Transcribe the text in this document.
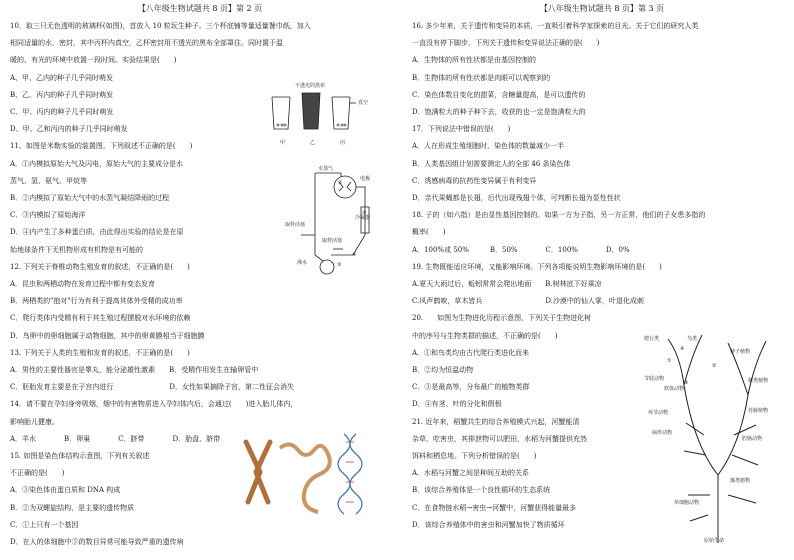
【八年级生物试题共 8 页】第 2 页
10．取三只无色透明的玻璃杯(如图)，首放入 10 粒玩生种子。三个杯底铺等量适量餐巾纸，加入
相同适量的水，密封，其中丙杯内真空，乙杯密封用不透光的黑布全部罩住。同时置于温
暖的、有光的环境中放置一段时间。实验结果是(　　)
A、甲、乙内的种子几乎同时萌发
B、乙、丙内的种子几乎同时萌发
C、甲、丙内的种子几乎同时萌发
D、甲、乙和丙内的种子几乎同时萌发
11、如图是米勒实验的装置图，下列叙述不正确的是(　　)
A．①内模拟原始大气及闪电，原始大气的主要成分是水
蒸气、氢、氨气、甲烷等
B．②内模拟了原始大气中的水蒸气凝结降雨的过程
C．③内模拟了原始海洋
D．④内产生了多种蛋白质，由此得出实验的结论是在原
始地球条件下无机物形成有机物是有可能的
12. 下列关于脊椎动物生殖发育的叙述，不正确的是(　　)
A．昆虫和两栖动物在发育过程中都有变态发育
B．两栖类的"抱对"行为有利于提高其体外受精的成功率
C．爬行类体内受精有利于其生殖过程摆脱对水环境的依赖
D．鸟卵中的卵细胞属于动物细胞，其中的卵黄膜相当于细胞膜
13. 下列关于人类的生殖和发育的叙述，不正确的是(　　)
A．男性的主要性器官是睾丸，能分泌雄性激素　　B．受精作用发生在输卵管中
C．胚胎发育主要是在子宫内进行　　　　　　　　D．女性如果摘除子宫，第二性征会消失
14．请不要在孕妇身旁吸烟，烟中的有害物质进入孕妇体内后，会通过(　　)进入胎儿体内，
影响胎儿健康。
A．羊水　　　　B．卵巢　　　　C．脐带　　　　D．胎盘、脐带
15. 如图是染色体结构示意图，下列有关叙述
不正确的是(　　)
A．③染色体由蛋白质和 DNA 构成
B．②为双螺旋结构，是主要的遗传物质
C．①上只有一个基因
D．在人的体细胞中③的数目异常可能导致严重的遗传病
不透光的黑布
真空
甲	乙	丙
水蒸气
电极
冷凝器
取样活塞
取样活塞
沸水
①
②
③
④
【八年级生物试题共 8 页】第 3 页
16. 多少年来，关于遗传和变异的本质，一直吸引着科学家探索的目光。关于它们的研究人类
一直没有停下脚步，下列关于遗传和变异说法正确的是(　　)
A．生物体的所有性状都是由基因控制的
B．生物体的所有性状都是肉眼可以观察到的
C．染色体数目变化的甜菜，含糖量提高，是可以遗传的
D．饱满粒大的种子种下去，收获的也一定是饱满粒大的
17．下列说法中错误的是(　　)
A．人在形成生殖细胞时，染色体的数量减少一半
B．人类基因组计划需要测定人的全部 46 条染色体
C．诱感病毒的抗药性变异属于有利变异
D．亲代果蝇都是长翅，后代出现残翅个体，可判断长翅为显性性状
18. 子的（如六指）是由显性基因控制的。如果一方为子指，另一方正常，他们的子女患多指的
概率(　　)
A．100%或 50%　　　B．50%　　　　C．100%　　　　D．0%
19. 生物既能适应环境，又能影响环境。下列各项能说明生物影响环境的是(　　)
A.夏天大雨过后，蚯蚓常常会爬出地面　　B.树林底下好乘凉
C.风声鹤唳，草木皆兵　　　　　　　　　D.沙漠中的仙人掌，叶退化成刺
20.　　如图为生物进化历程示意图，下列关于生物进化树
中的序号与生物类群的描述，不正确的是(　　)
A．①和鸟类均由古代爬行类进化而来
B．②均为恒温动物
C．③是最高等，分布最广的植物类群
D．④有茎、叶的分化和假根
21. 近年来，稻蟹共生的综合养殖模式兴起，河蟹能清
杂草，吃害虫，其排泄物可以肥田，水稻为河蟹提供充然
饵料和栖息地。下列分析错误的是(　　)
A．水稻与河蟹之间是种间互助的关系
B．该综合养殖体是一个良性循环的生态系统
C．在食物链水稻→害虫→河蟹中，河蟹获得能量最多
D．该综合养殖体中的害虫和河蟹加快了物质循环
爬行类	鸟类
④	种子植物
①
②
节肢动物
软体动物
③	蕨类植物
环节动物	苔藓植物
扁形动物
腔肠动物
藻类植物
单细胞动物
原始生命
